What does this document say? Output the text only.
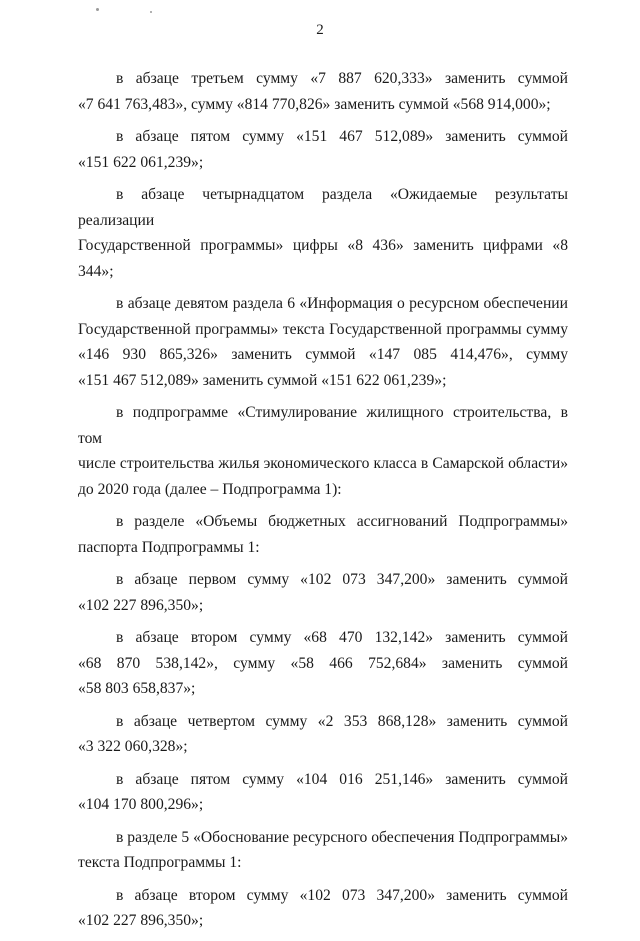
2
в абзаце третьем сумму «7 887 620,333» заменить суммой
«7 641 763,483», сумму «814 770,826» заменить суммой «568 914,000»;
в абзаце пятом сумму «151 467 512,089» заменить суммой
«151 622 061,239»;
в абзаце четырнадцатом раздела «Ожидаемые результаты реализации
Государственной программы» цифры «8 436» заменить цифрами «8 344»;
в абзаце девятом раздела 6 «Информация о ресурсном обеспечении
Государственной программы» текста Государственной программы сумму
«146 930 865,326» заменить суммой «147 085 414,476», сумму
«151 467 512,089» заменить суммой «151 622 061,239»;
в подпрограмме «Стимулирование жилищного строительства, в том
числе строительства жилья экономического класса в Самарской области»
до 2020 года (далее – Подпрограмма 1):
в разделе «Объемы бюджетных ассигнований Подпрограммы»
паспорта Подпрограммы 1:
в абзаце первом сумму «102 073 347,200» заменить суммой
«102 227 896,350»;
в абзаце втором сумму «68 470 132,142» заменить суммой
«68 870 538,142», сумму «58 466 752,684» заменить суммой
«58 803 658,837»;
в абзаце четвертом сумму «2 353 868,128» заменить суммой
«3 322 060,328»;
в абзаце пятом сумму «104 016 251,146» заменить суммой
«104 170 800,296»;
в разделе 5 «Обоснование ресурсного обеспечения Подпрограммы»
текста Подпрограммы 1:
в абзаце втором сумму «102 073 347,200» заменить суммой
«102 227 896,350»;
